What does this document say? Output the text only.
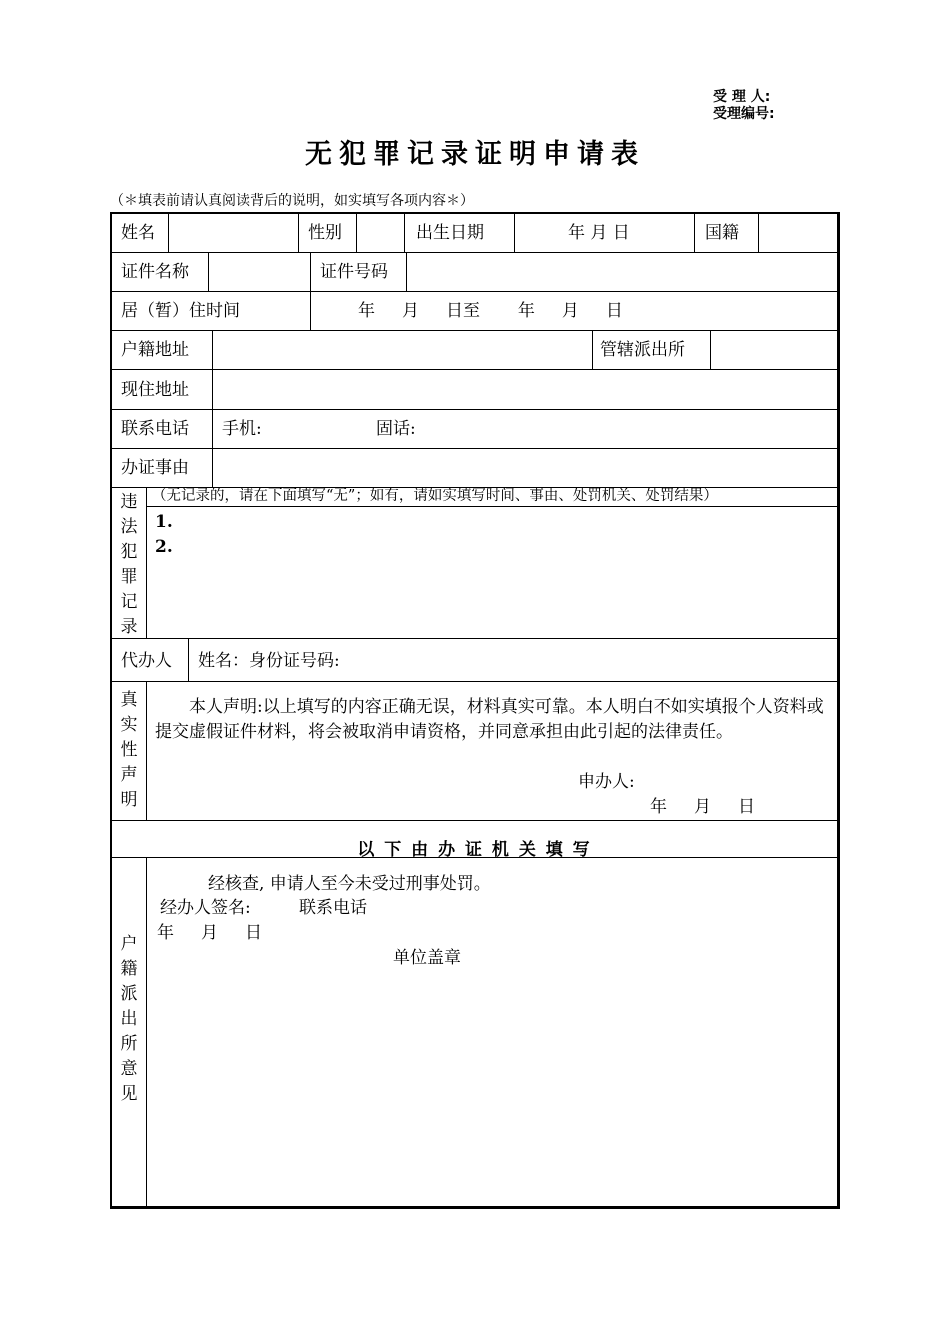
受 理 人:
受理编号:
无犯罪记录证明申请表
（＊填表前请认真阅读背后的说明，如实填写各项内容＊）
姓名	性别	出生日期	年 月 日	国籍
证件名称	证件号码
居（暂）住时间	年     月     日至       年     月     日
户籍地址	管辖派出所
现住地址
联系电话 手机:	固话:
办证事由
违法犯罪记录
（无记录的，请在下面填写“无”；如有，请如实填写时间、事由、处罚机关、处罚结果）
1.
2.
代办人 姓名：身份证号码:
真实性声明
本人声明:以上填写的内容正确无误，材料真实可靠。本人明白不如实填报个人资料或提交虚假证件材料，将会被取消申请资格，并同意承担由此引起的法律责任。
申办人:
年     月     日
以 下 由 办 证 机 关 填 写
户籍派出所意见
经核查, 申请人至今未受过刑事处罚。
经办人签名:	联系电话
年     月     日
单位盖章
